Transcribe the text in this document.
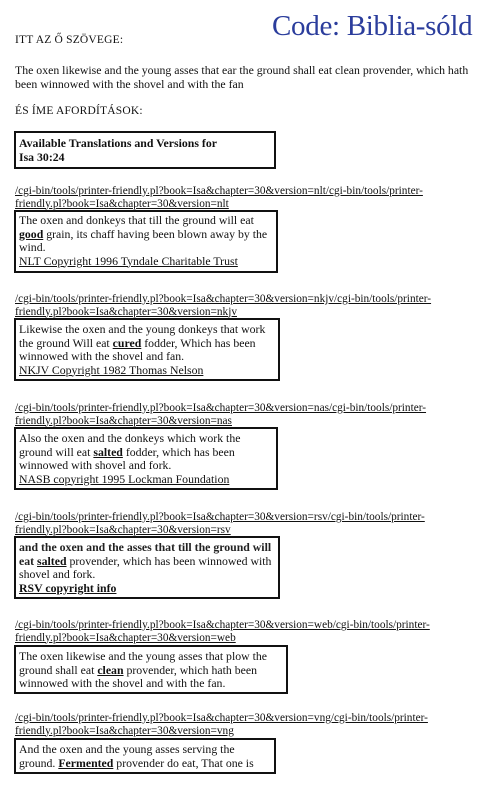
Code: Biblia-sóld
ITT AZ Ő SZÖVEGE:
The oxen likewise and the young asses that ear the ground shall eat clean provender, which hath been winnowed with the shovel and with the fan
ÉS ÍME AFORDÍTÁSOK:
Available Translations and Versions for
Isa 30:24
/cgi-bin/tools/printer-friendly.pl?book=Isa&chapter=30&version=nlt/cgi-bin/tools/printer-
friendly.pl?book=Isa&chapter=30&version=nlt
The oxen and donkeys that till the ground will eat good grain, its chaff having been blown away by the wind.
NLT Copyright 1996 Tyndale Charitable Trust
/cgi-bin/tools/printer-friendly.pl?book=Isa&chapter=30&version=nkjv/cgi-bin/tools/printer-
friendly.pl?book=Isa&chapter=30&version=nkjv
Likewise the oxen and the young donkeys that work the ground Will eat cured fodder, Which has been winnowed with the shovel and fan.
NKJV Copyright 1982 Thomas Nelson
/cgi-bin/tools/printer-friendly.pl?book=Isa&chapter=30&version=nas/cgi-bin/tools/printer-
friendly.pl?book=Isa&chapter=30&version=nas
Also the oxen and the donkeys which work the ground will eat salted fodder, which has been winnowed with shovel and fork.
NASB copyright 1995 Lockman Foundation
/cgi-bin/tools/printer-friendly.pl?book=Isa&chapter=30&version=rsv/cgi-bin/tools/printer-
friendly.pl?book=Isa&chapter=30&version=rsv
and the oxen and the asses that till the ground will eat salted provender, which has been winnowed with shovel and fork.
RSV copyright info
/cgi-bin/tools/printer-friendly.pl?book=Isa&chapter=30&version=web/cgi-bin/tools/printer-
friendly.pl?book=Isa&chapter=30&version=web
The oxen likewise and the young asses that plow the ground shall eat clean provender, which hath been winnowed with the shovel and with the fan.
/cgi-bin/tools/printer-friendly.pl?book=Isa&chapter=30&version=vng/cgi-bin/tools/printer-
friendly.pl?book=Isa&chapter=30&version=vng
And the oxen and the young asses serving the ground. Fermented provender do eat, That one is
